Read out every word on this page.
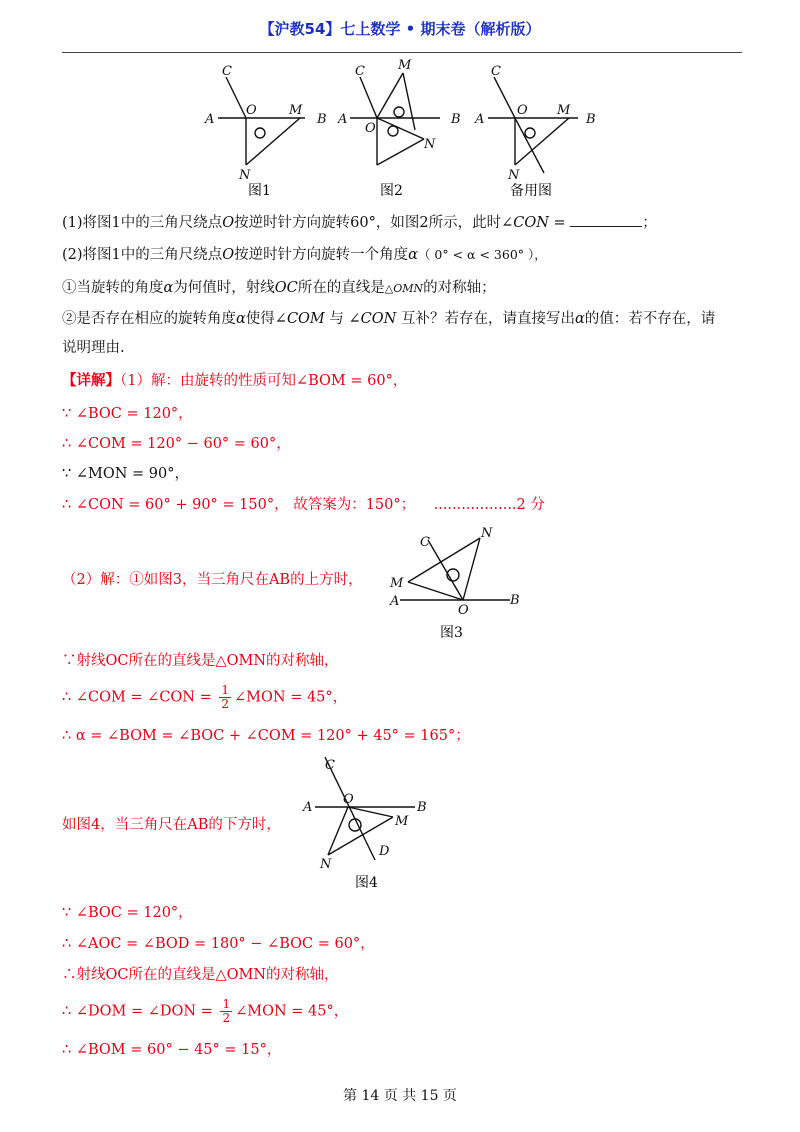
【沪教54】七上数学 • 期末卷（解析版）
A
C
O M
B
N
图1
C	M
A
O
B
N
图2
C
A
O M
B
N
备用图
(1)将图1中的三角尺绕点O按逆时针方向旋转60°，如图2所示，此时∠CON =	；
(2)将图1中的三角尺绕点O按逆时针方向旋转一个角度α（ 0° < α < 360° ），
①当旋转的角度α为何值时，射线OC所在的直线是△OMN的对称轴；
②是否存在相应的旋转角度α使得∠COM 与 ∠CON 互补？若存在，请直接写出α的值：若不存在，请
说明理由.
【详解】（1）解：由旋转的性质可知∠BOM = 60°，
∵ ∠BOC = 120°，
∴ ∠COM = 120° − 60° = 60°，
∵ ∠MON = 90°，
∴ ∠CON = 60° + 90° = 150°， 故答案为：150°； ..................2 分
（2）解：①如图3，当三角尺在AB的上方时，
C
N
M
A
O
B
图3
∵射线OC所在的直线是△OMN的对称轴，
∴ ∠COM = ∠CON = $\frac{1}{2}$ ∠MON = 45°，
∴ α = ∠BOM = ∠BOC + ∠COM = 120° + 45° = 165°；
C
A
O
B
M
N
D
图4
如图4，当三角尺在AB的下方时，
∵ ∠BOC = 120°，
∴ ∠AOC = ∠BOD = 180° − ∠BOC = 60°，
∴射线OC所在的直线是△OMN的对称轴，
∴ ∠DOM = ∠DON = $\frac{1}{2}$ ∠MON = 45°，
∴ ∠BOM = 60° − 45° = 15°，
第 14 页 共 15 页
